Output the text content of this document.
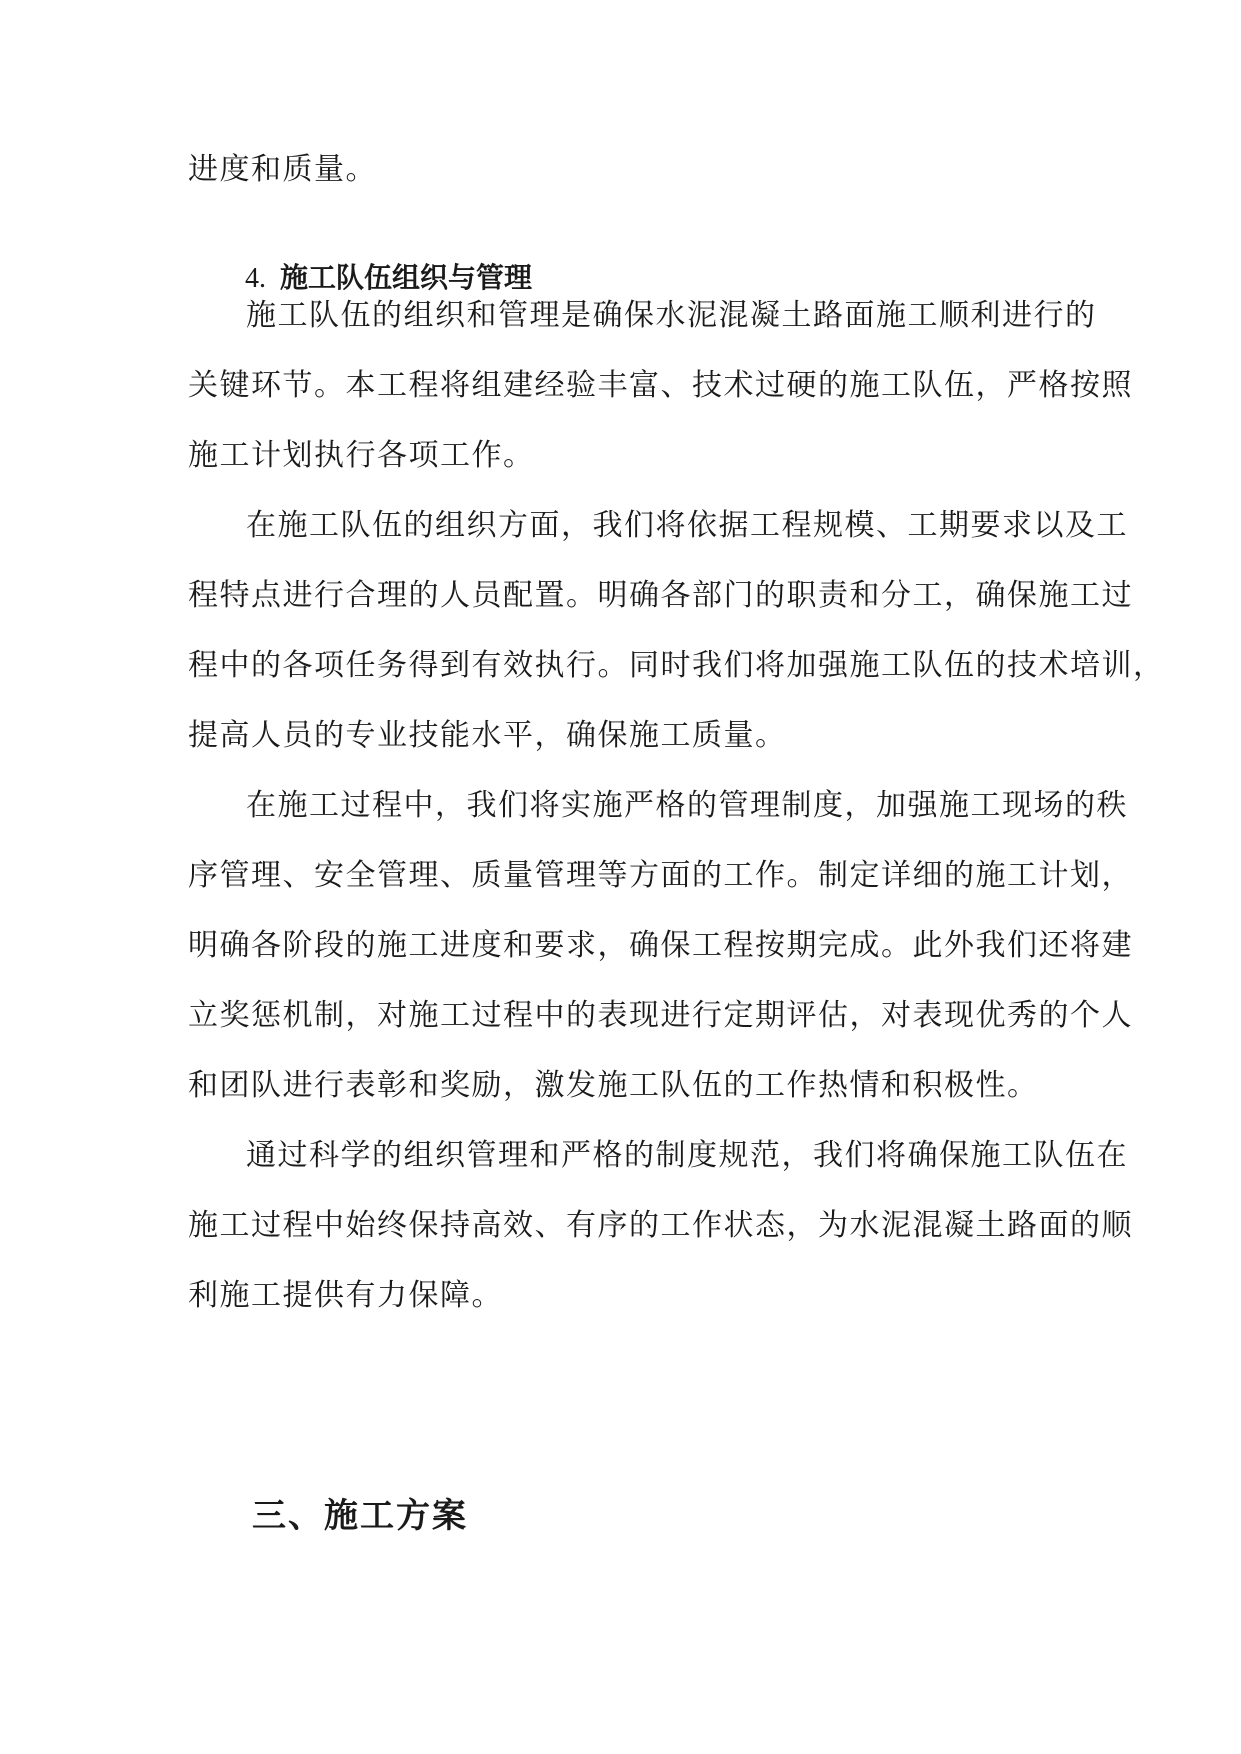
进度和质量。
4. 施工队伍组织与管理
施工队伍的组织和管理是确保水泥混凝土路面施工顺利进行的
关键环节。本工程将组建经验丰富、技术过硬的施工队伍，严格按照
施工计划执行各项工作。
在施工队伍的组织方面，我们将依据工程规模、工期要求以及工
程特点进行合理的人员配置。明确各部门的职责和分工，确保施工过
程中的各项任务得到有效执行。同时我们将加强施工队伍的技术培训，
提高人员的专业技能水平，确保施工质量。
在施工过程中，我们将实施严格的管理制度，加强施工现场的秩
序管理、安全管理、质量管理等方面的工作。制定详细的施工计划，
明确各阶段的施工进度和要求，确保工程按期完成。此外我们还将建
立奖惩机制，对施工过程中的表现进行定期评估，对表现优秀的个人
和团队进行表彰和奖励，激发施工队伍的工作热情和积极性。
通过科学的组织管理和严格的制度规范，我们将确保施工队伍在
施工过程中始终保持高效、有序的工作状态，为水泥混凝土路面的顺
利施工提供有力保障。
三、施工方案
